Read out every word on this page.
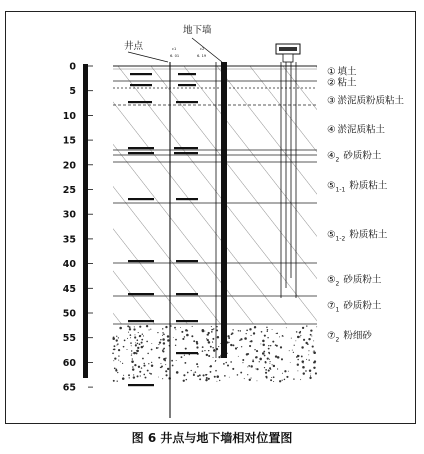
地下墙
井点	c1
6. 01
c2
6. 19
0
5
10
15
20
25
30
35
40
45
50
55
60
65
① 填土
② 粘土
③ 淤泥质粉质粘土
④ 淤泥质粘土
$④_2$ 砂质粉土
$⑤_{1-1}$ 粉质粘土
$⑤_{1-2}$ 粉质粘土
$⑤_2$ 砂质粉土
$⑦_1$ 砂质粉土
$⑦_2$ 粉细砂
图 6 井点与地下墙相对位置图
